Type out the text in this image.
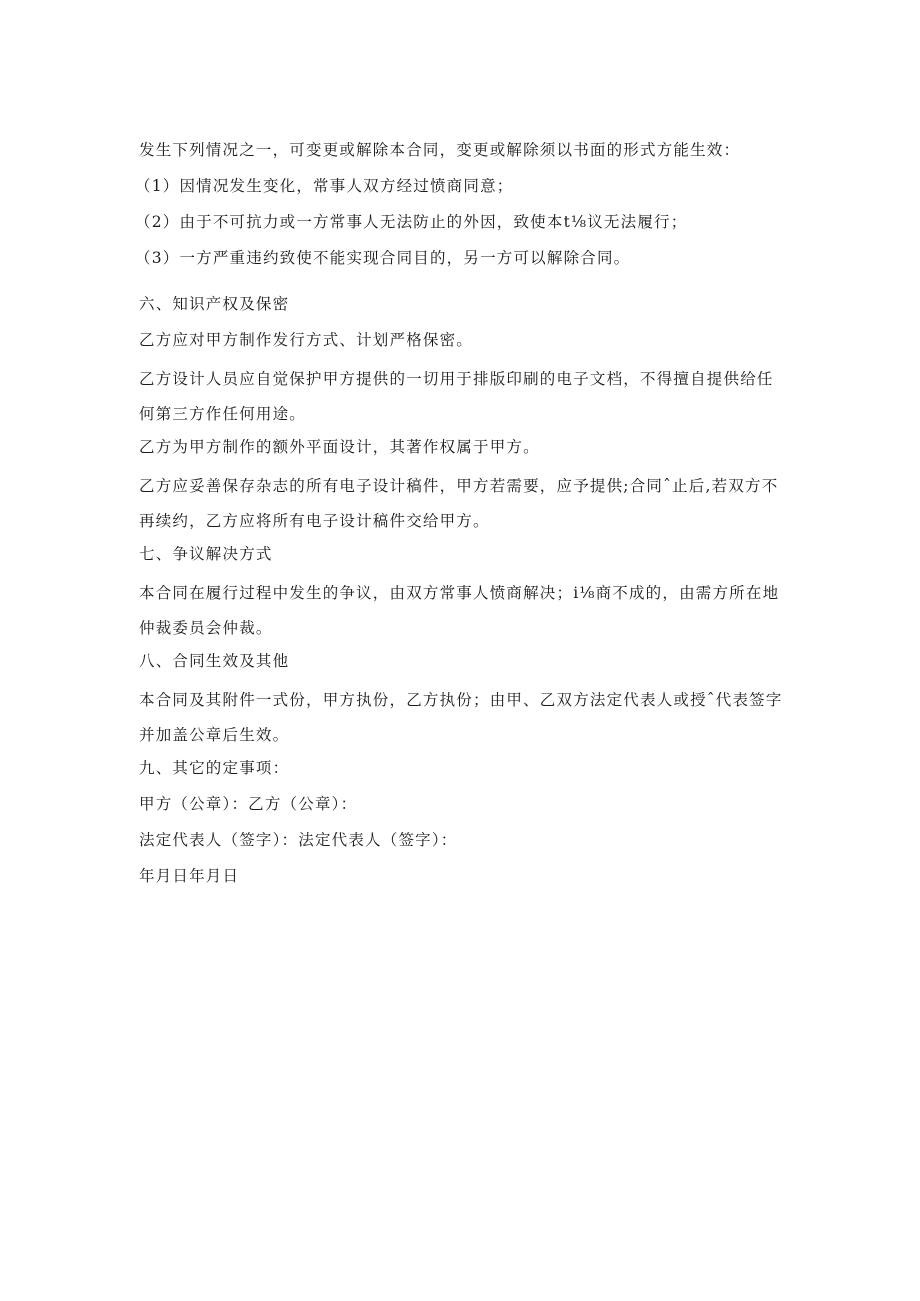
发生下列情况之一，可变更或解除本合同，变更或解除须以书面的形式方能生效：

（1）因情况发生变化，常事人双方经过愤商同意；

（2）由于不可抗力或一方常事人无法防止的外因，致使本t⅛议无法履行；

（3）一方严重违约致使不能实现合同目的，另一方可以解除合同。

六、知识产权及保密

乙方应对甲方制作发行方式、计划严格保密。

乙方设计人员应自觉保护甲方提供的一切用于排版印刷的电子文档，不得擅自提供给任何第三方作任何用途。

乙方为甲方制作的额外平面设计，其著作权属于甲方。

乙方应妥善保存杂志的所有电子设计稿件，甲方若需要，应予提供;合同ˆ止后,若双方不再续约，乙方应将所有电子设计稿件交给甲方。

七、争议解决方式

本合同在履行过程中发生的争议，由双方常事人愤商解决；i⅛商不成的，由需方所在地仲裁委员会仲裁。

八、合同生效及其他

本合同及其附件一式份，甲方执份，乙方执份；由甲、乙双方法定代表人或授ˆ代表签字并加盖公章后生效。

九、其它的定事项：

甲方（公章）：乙方（公章）：

法定代表人（签字）：法定代表人（签字）：

年月日年月日
